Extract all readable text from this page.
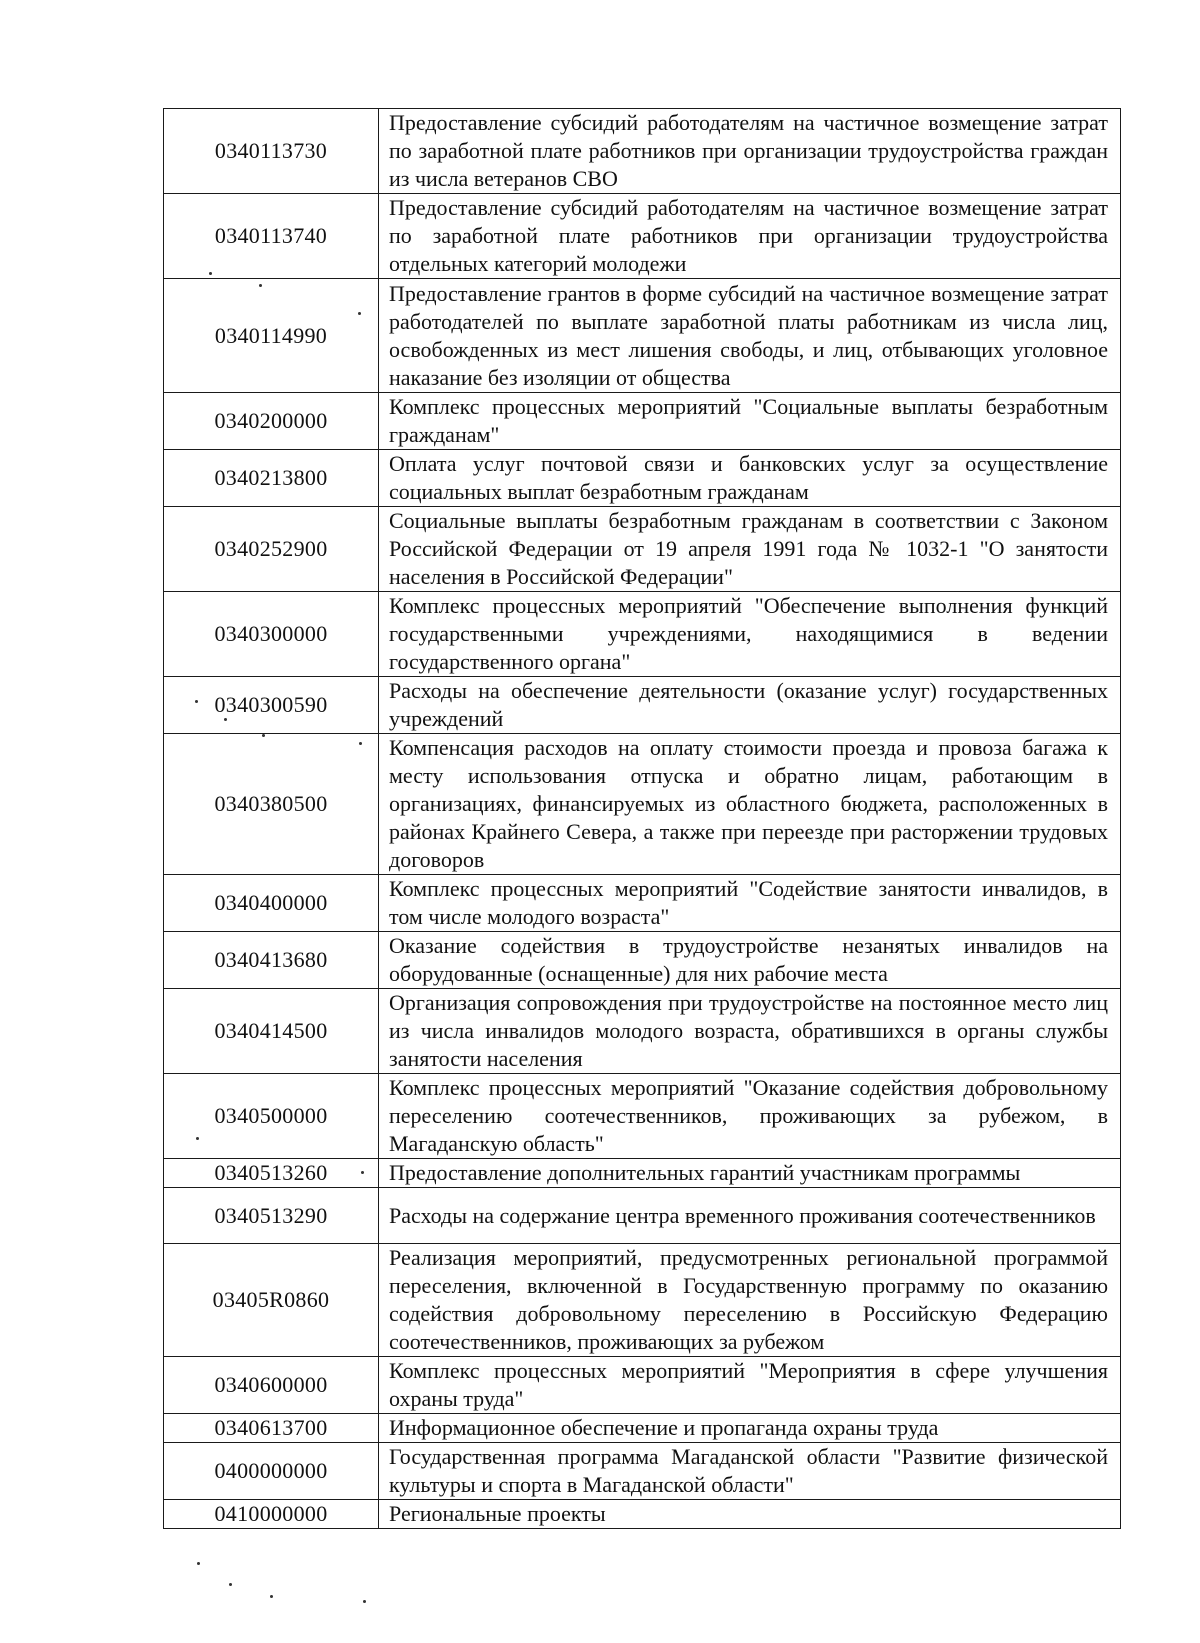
0340113730	Предоставление субсидий работодателям на частичное возмещение затрат по заработной плате работников при организации трудоустройства граждан из числа ветеранов СВО
0340113740	Предоставление субсидий работодателям на частичное возмещение затрат по заработной плате работников при организации трудоустройства отдельных категорий молодежи
0340114990	Предоставление грантов в форме субсидий на частичное возмещение затрат работодателей по выплате заработной платы работникам из числа лиц, освобожденных из мест лишения свободы, и лиц, отбывающих уголовное наказание без изоляции от общества
0340200000	Комплекс процессных мероприятий "Социальные выплаты безработным гражданам"
0340213800	Оплата услуг почтовой связи и банковских услуг за осуществление социальных выплат безработным гражданам
0340252900	Социальные выплаты безработным гражданам в соответствии с Законом Российской Федерации от 19 апреля 1991 года № 1032-1 "О занятости населения в Российской Федерации"
0340300000	Комплекс процессных мероприятий "Обеспечение выполнения функций государственными учреждениями, находящимися в ведении государственного органа"
0340300590	Расходы на обеспечение деятельности (оказание услуг) государственных учреждений
0340380500	Компенсация расходов на оплату стоимости проезда и провоза багажа к месту использования отпуска и обратно лицам, работающим в организациях, финансируемых из областного бюджета, расположенных в районах Крайнего Севера, а также при переезде при расторжении трудовых договоров
0340400000	Комплекс процессных мероприятий "Содействие занятости инвалидов, в том числе молодого возраста"
0340413680	Оказание содействия в трудоустройстве незанятых инвалидов на оборудованные (оснащенные) для них рабочие места
0340414500	Организация сопровождения при трудоустройстве на постоянное место лиц из числа инвалидов молодого возраста, обратившихся в органы службы занятости населения
0340500000	Комплекс процессных мероприятий "Оказание содействия добровольному переселению соотечественников, проживающих за рубежом, в Магаданскую область"
0340513260	Предоставление дополнительных гарантий участникам программы
0340513290	Расходы на содержание центра временного проживания соотечественников
03405R0860	Реализация мероприятий, предусмотренных региональной программой переселения, включенной в Государственную программу по оказанию содействия добровольному переселению в Российскую Федерацию соотечественников, проживающих за рубежом
0340600000	Комплекс процессных мероприятий "Мероприятия в сфере улучшения охраны труда"
0340613700	Информационное обеспечение и пропаганда охраны труда
0400000000	Государственная программа Магаданской области "Развитие физической культуры и спорта в Магаданской области"
0410000000	Региональные проекты
